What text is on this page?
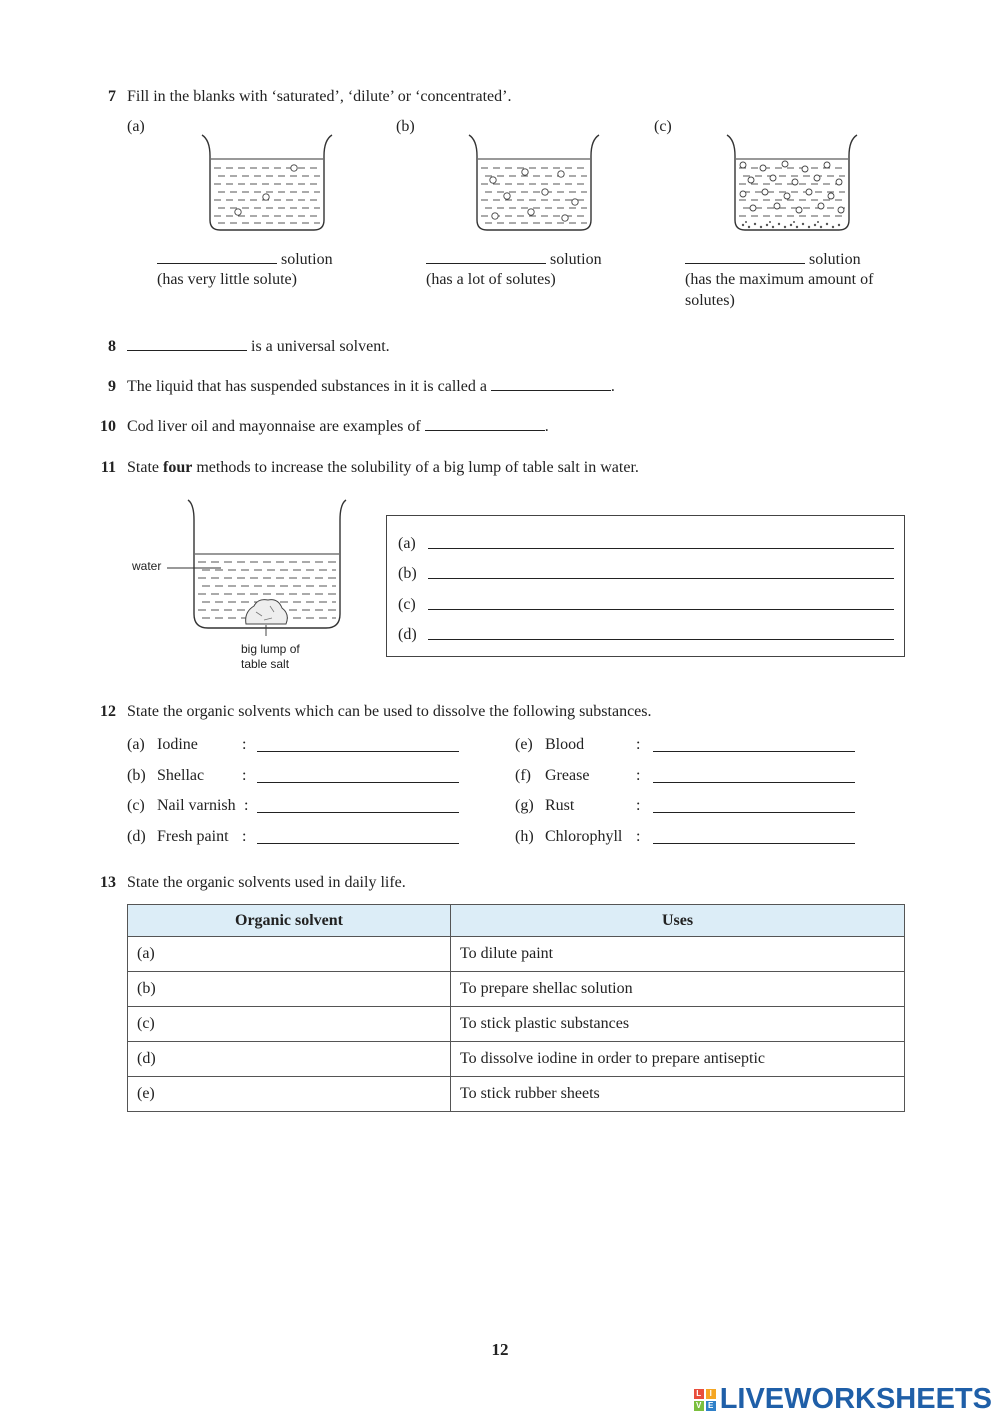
7 Fill in the blanks with ‘saturated’, ‘dilute’ or ‘concentrated’.
(a)	(b)	(c)
solution
(has very little solute)
solution
(has a lot of solutes)
solution
(has the maximum amount of
solutes)
8	is a universal solvent.
9 The liquid that has suspended substances in it is called a	.
10 Cod liver oil and mayonnaise are examples of	.
11 State four methods to increase the solubility of a big lump of table salt in water.
water
big lump of
table salt
(a)
(b)
(c)
(d)
12 State the organic solvents which can be used to dissolve the following substances.
(a) Iodine	:
(b) Shellac :
(c) Nail varnish :
(d) Fresh paint :
(e) Blood	:
(f) Grease	:
(g) Rust	:
(h) Chlorophyll :
13 State the organic solvents used in daily life.
Organic solvent	Uses
(a)	To dilute paint
(b)	To prepare shellac solution
(c)	To stick plastic substances
(d)	To dissolve iodine in order to prepare antiseptic
(e)	To stick rubber sheets
12
L	I
V E LIVEWORKSHEETS
